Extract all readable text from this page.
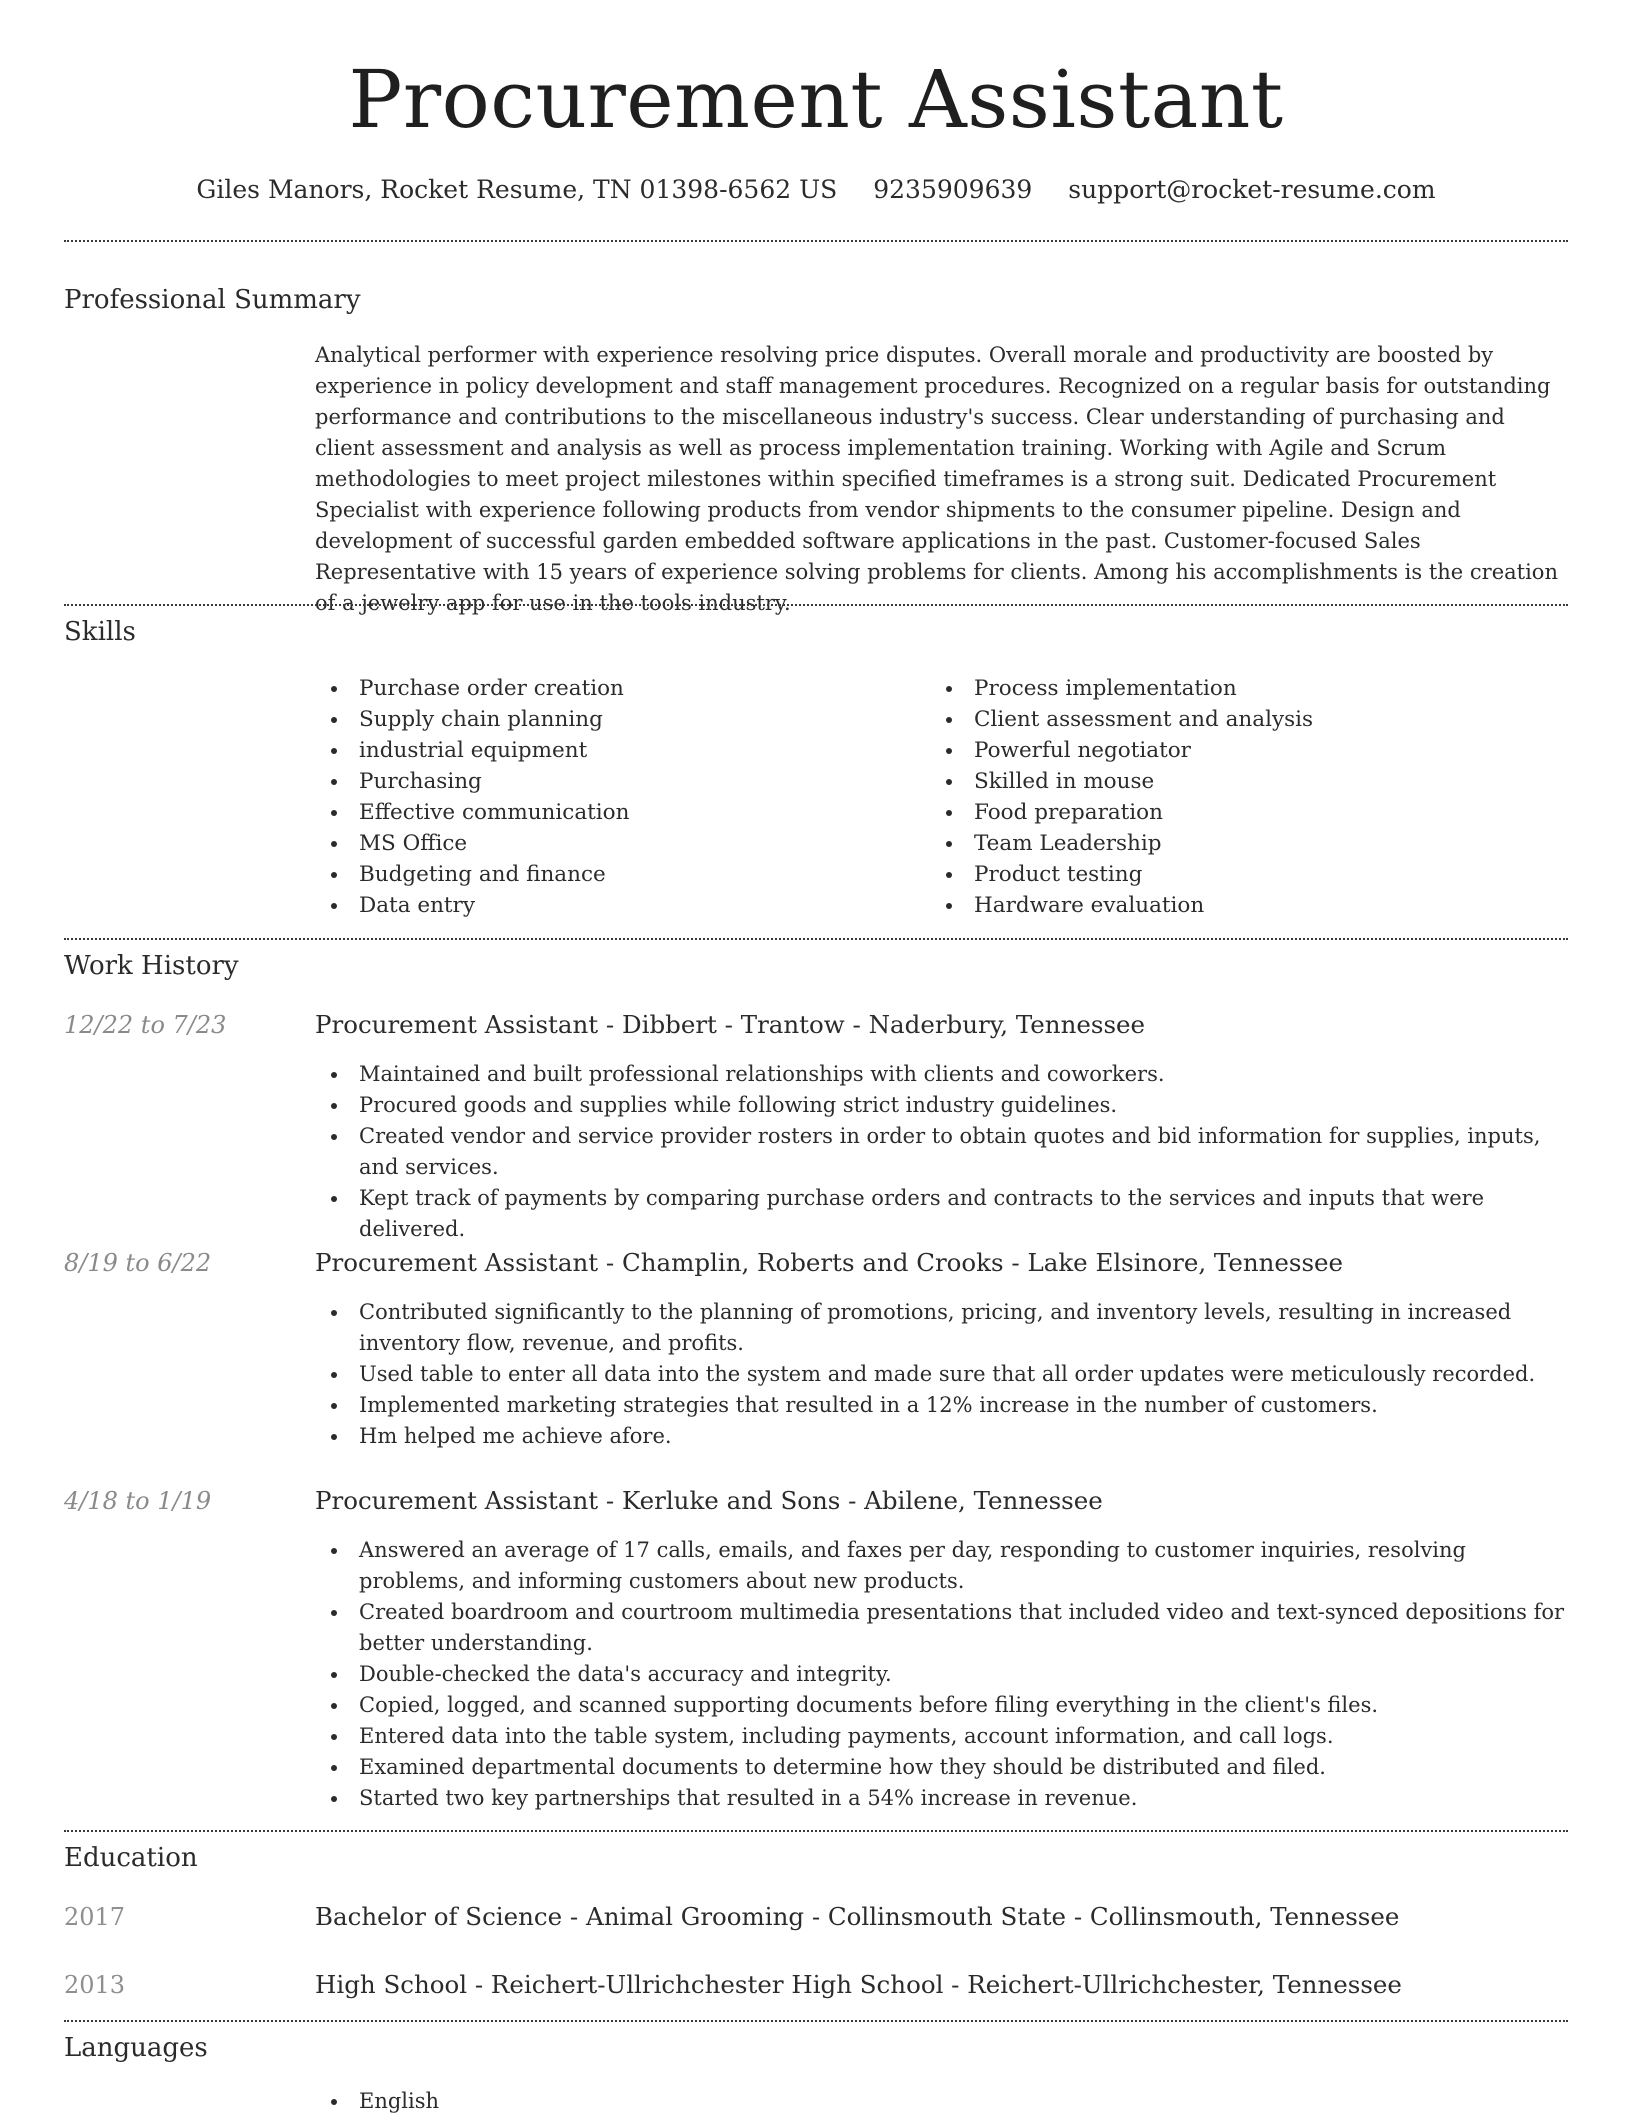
Procurement Assistant
Giles Manors, Rocket Resume, TN 01398-6562 US 9235909639 support@rocket-resume.com
Professional Summary

Analytical performer with experience resolving price disputes. Overall morale and productivity are boosted by experience in policy development and staff management procedures. Recognized on a regular basis for outstanding performance and contributions to the miscellaneous industry's success. Clear understanding of purchasing and client assessment and analysis as well as process implementation training. Working with Agile and Scrum methodologies to meet project milestones within specified timeframes is a strong suit. Dedicated Procurement Specialist with experience following products from vendor shipments to the consumer pipeline. Design and development of successful garden embedded software applications in the past. Customer-focused Sales Representative with 15 years of experience solving problems for clients. Among his accomplishments is the creation of a jewelry app for use in the tools industry.

Skills
Purchase order creation
Supply chain planning
industrial equipment
Purchasing
Effective communication
MS Office
Budgeting and finance
Data entry
Process implementation
Client assessment and analysis
Powerful negotiator
Skilled in mouse
Food preparation
Team Leadership
Product testing
Hardware evaluation
Work History
12/22 to 7/23	Procurement Assistant - Dibbert - Trantow - Naderbury, Tennessee
Maintained and built professional relationships with clients and coworkers.
Procured goods and supplies while following strict industry guidelines.
Created vendor and service provider rosters in order to obtain quotes and bid information for supplies, inputs, and services.
Kept track of payments by comparing purchase orders and contracts to the services and inputs that were delivered.
8/19 to 6/22	Procurement Assistant - Champlin, Roberts and Crooks - Lake Elsinore, Tennessee
Contributed significantly to the planning of promotions, pricing, and inventory levels, resulting in increased inventory flow, revenue, and profits.
Used table to enter all data into the system and made sure that all order updates were meticulously recorded.
Implemented marketing strategies that resulted in a 12% increase in the number of customers.
Hm helped me achieve afore.
4/18 to 1/19	Procurement Assistant - Kerluke and Sons - Abilene, Tennessee
Answered an average of 17 calls, emails, and faxes per day, responding to customer inquiries, resolving problems, and informing customers about new products.
Created boardroom and courtroom multimedia presentations that included video and text-synced depositions for better understanding.
Double-checked the data's accuracy and integrity.
Copied, logged, and scanned supporting documents before filing everything in the client's files.
Entered data into the table system, including payments, account information, and call logs.
Examined departmental documents to determine how they should be distributed and filed.
Started two key partnerships that resulted in a 54% increase in revenue.
Education
2017	Bachelor of Science - Animal Grooming - Collinsmouth State - Collinsmouth, Tennessee
2013	High School - Reichert-Ullrichchester High School - Reichert-Ullrichchester, Tennessee
Languages
English
